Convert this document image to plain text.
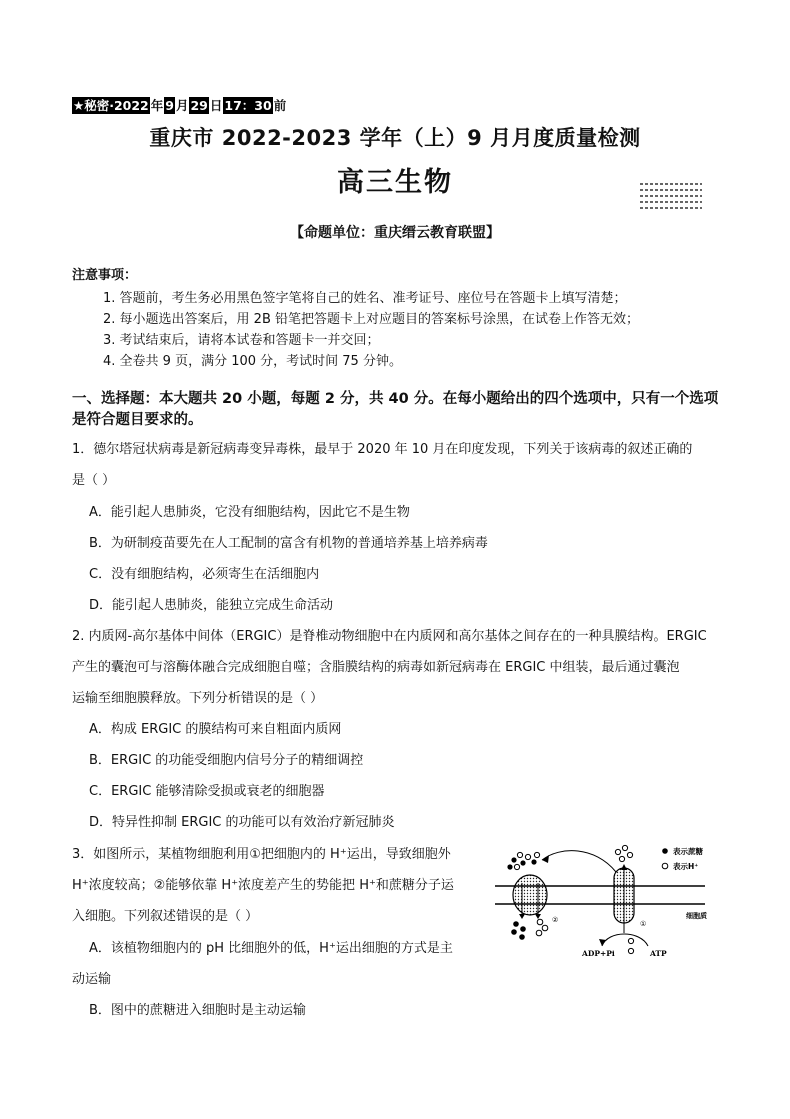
★秘密·2022 年 9 月 29 日 17：30 前
重庆市 2022-2023 学年（上）9 月月度质量检测
高三生物
【命题单位：重庆缙云教育联盟】
注意事项：
1. 答题前，考生务必用黑色签字笔将自己的姓名、准考证号、座位号在答题卡上填写清楚；
2. 每小题选出答案后，用 2B 铅笔把答题卡上对应题目的答案标号涂黑，在试卷上作答无效；
3. 考试结束后，请将本试卷和答题卡一并交回；
4. 全卷共 9 页，满分 100 分，考试时间 75 分钟。
一、选择题：本大题共 20 小题，每题 2 分，共 40 分。在每小题给出的四个选项中，只有一个选项是符合题目要求的。
1．德尔塔冠状病毒是新冠病毒变异毒株，最早于 2020 年 10 月在印度发现，下列关于该病毒的叙述正确的
是（ ）
A．能引起人患肺炎，它没有细胞结构，因此它不是生物
B．为研制疫苗要先在人工配制的富含有机物的普通培养基上培养病毒
C．没有细胞结构，必须寄生在活细胞内
D．能引起人患肺炎，能独立完成生命活动
2. 内质网-高尔基体中间体（ERGIC）是脊椎动物细胞中在内质网和高尔基体之间存在的一种具膜结构。ERGIC
产生的囊泡可与溶酶体融合完成细胞自噬；含脂膜结构的病毒如新冠病毒在 ERGIC 中组装，最后通过囊泡
运输至细胞膜释放。下列分析错误的是（ ）
A．构成 ERGIC 的膜结构可来自粗面内质网
B．ERGIC 的功能受细胞内信号分子的精细调控
C．ERGIC 能够清除受损或衰老的细胞器
D．特异性抑制 ERGIC 的功能可以有效治疗新冠肺炎
3．如图所示，某植物细胞利用①把细胞内的 H⁺运出，导致细胞外
H⁺浓度较高；②能够依靠 H⁺浓度差产生的势能把 H⁺和蔗糖分子运
入细胞。下列叙述错误的是（ ）
A．该植物细胞内的 pH 比细胞外的低，H⁺运出细胞的方式是主
动运输
B．图中的蔗糖进入细胞时是主动运输
ADP+Pi	ATP
②	①
细胞质
表示蔗糖
表示H⁺
